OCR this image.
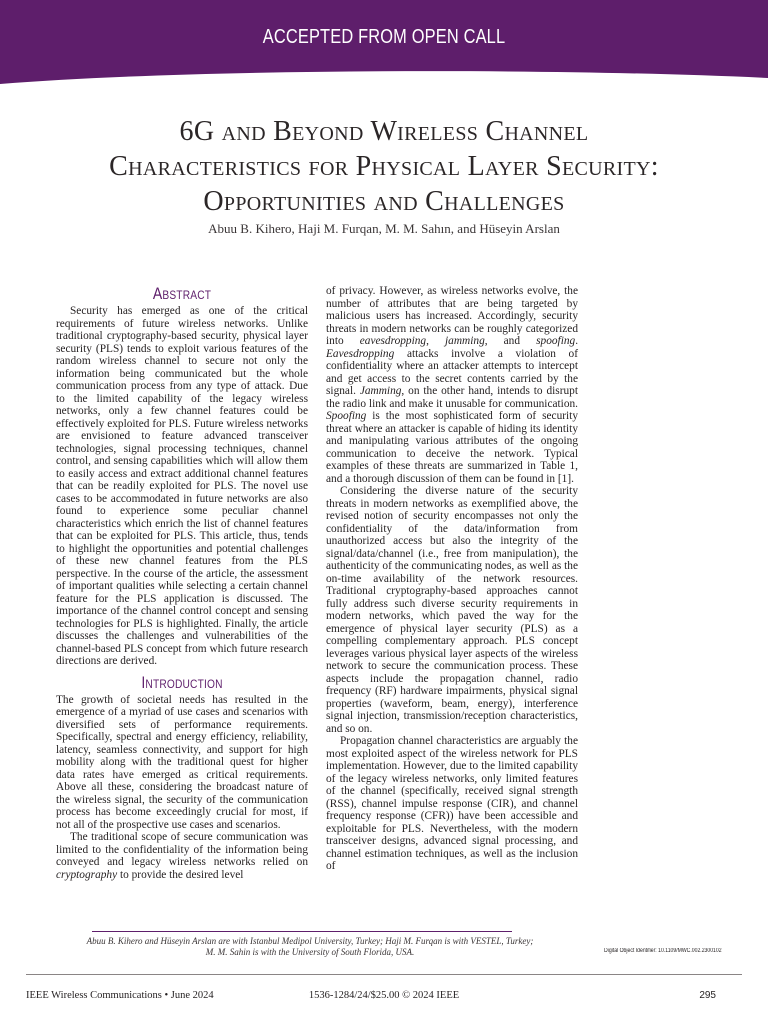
ACCEPTED FROM OPEN CALL
6G and Beyond Wireless Channel
Characteristics for Physical Layer Security:
Opportunities and Challenges
Abuu B. Kihero, Haji M. Furqan, M. M. Sahın, and Hüseyin Arslan
Abstract

Security has emerged as one of the critical requirements of future wireless networks. Unlike traditional cryptography-based security, physical layer security (PLS) tends to exploit various features of the random wireless channel to secure not only the information being communicated but the whole communication process from any type of attack. Due to the limited capability of the legacy wireless networks, only a few channel features could be effectively exploited for PLS. Future wireless networks are envisioned to feature advanced transceiver technologies, signal processing techniques, channel control, and sensing capabilities which will allow them to easily access and extract additional channel features that can be readily exploited for PLS. The novel use cases to be accommodated in future networks are also found to experience some peculiar channel characteristics which enrich the list of channel features that can be exploited for PLS. This article, thus, tends to highlight the opportunities and potential challenges of these new channel features from the PLS perspective. In the course of the article, the assessment of important qualities while selecting a certain channel feature for the PLS application is discussed. The importance of the channel control concept and sensing technologies for PLS is highlighted. Finally, the article discusses the challenges and vulnerabilities of the channel-based PLS concept from which future research directions are derived.

Introduction

The growth of societal needs has resulted in the emergence of a myriad of use cases and scenarios with diversified sets of performance requirements. Specifically, spectral and energy efficiency, reliability, latency, seamless connectivity, and support for high mobility along with the traditional quest for higher data rates have emerged as critical requirements. Above all these, considering the broadcast nature of the wireless signal, the security of the communication process has become exceedingly crucial for most, if not all of the prospective use cases and scenarios.

The traditional scope of secure communication was limited to the confidentiality of the information being conveyed and legacy wireless networks relied on cryptography to provide the desired level

of privacy. However, as wireless networks evolve, the number of attributes that are being targeted by malicious users has increased. Accordingly, security threats in modern networks can be roughly categorized into eavesdropping, jamming, and spoofing. Eavesdropping attacks involve a violation of confidentiality where an attacker attempts to intercept and get access to the secret contents carried by the signal. Jamming, on the other hand, intends to disrupt the radio link and make it unusable for communication. Spoofing is the most sophisticated form of security threat where an attacker is capable of hiding its identity and manipulating various attributes of the ongoing communication to deceive the network. Typical examples of these threats are summarized in Table 1, and a thorough discussion of them can be found in [1].

Considering the diverse nature of the security threats in modern networks as exemplified above, the revised notion of security encompasses not only the confidentiality of the data/information from unauthorized access but also the integrity of the signal/data/channel (i.e., free from manipulation), the authenticity of the communicating nodes, as well as the on-time availability of the network resources. Traditional cryptography-based approaches cannot fully address such diverse security requirements in modern networks, which paved the way for the emergence of physical layer security (PLS) as a compelling complementary approach. PLS concept leverages various physical layer aspects of the wireless network to secure the communication process. These aspects include the propagation channel, radio frequency (RF) hardware impairments, physical signal properties (waveform, beam, energy), interference signal injection, transmission/reception characteristics, and so on.

Propagation channel characteristics are arguably the most exploited aspect of the wireless network for PLS implementation. However, due to the limited capability of the legacy wireless networks, only limited features of the channel (specifically, received signal strength (RSS), channel impulse response (CIR), and channel frequency response (CFR)) have been accessible and exploitable for PLS. Nevertheless, with the modern transceiver designs, advanced signal processing, and channel estimation techniques, as well as the inclusion of

Abuu B. Kihero and Hüseyin Arslan are with Istanbul Medipol University, Turkey; Haji M. Furqan is with VESTEL, Turkey;
M. M. Sahin is with the University of South Florida, USA.	Digital Object Identifier: 10.1109/MWC.002.2300102
IEEE Wireless Communications • June 2024	1536-1284/24/$25.00 © 2024 IEEE	295
